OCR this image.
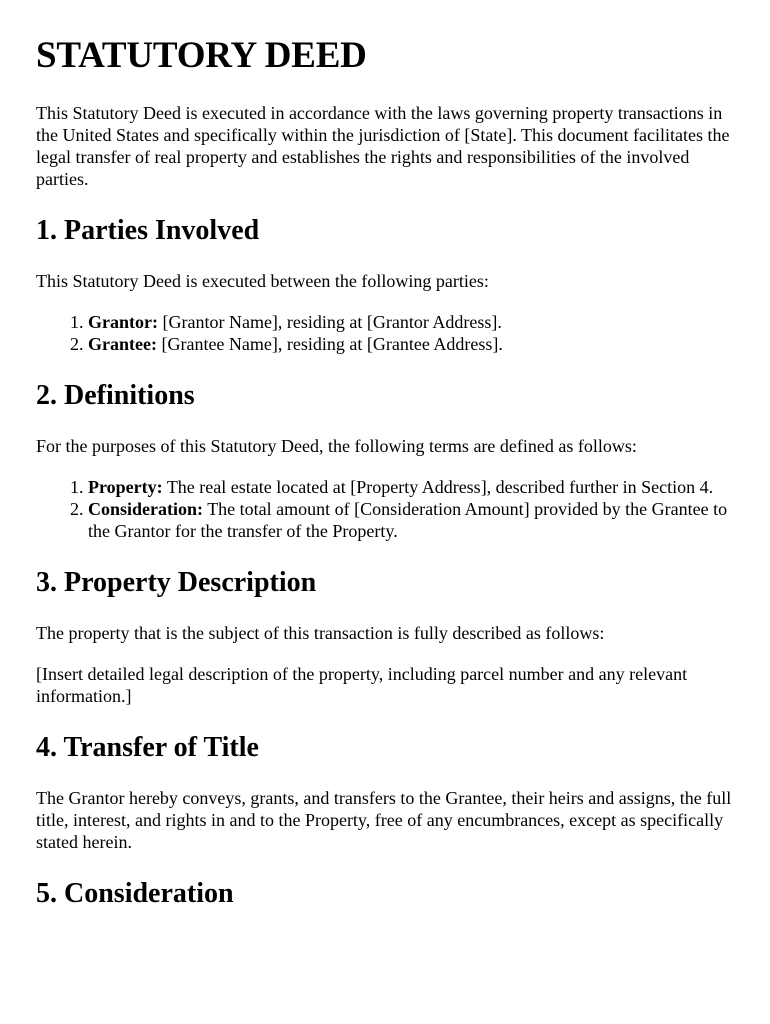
STATUTORY DEED

This Statutory Deed is executed in accordance with the laws governing property transactions in the United States and specifically within the jurisdiction of [State]. This document facilitates the legal transfer of real property and establishes the rights and responsibilities of the involved parties.

1. Parties Involved

This Statutory Deed is executed between the following parties:

1. Grantor: [Grantor Name], residing at [Grantor Address].
2. Grantee: [Grantee Name], residing at [Grantee Address].
2. Definitions

For the purposes of this Statutory Deed, the following terms are defined as follows:

1. Property: The real estate located at [Property Address], described further in Section 4.
2. Consideration: The total amount of [Consideration Amount] provided by the Grantee to the Grantor for the transfer of the Property.
3. Property Description

The property that is the subject of this transaction is fully described as follows:

[Insert detailed legal description of the property, including parcel number and any relevant information.]

4. Transfer of Title

The Grantor hereby conveys, grants, and transfers to the Grantee, their heirs and assigns, the full title, interest, and rights in and to the Property, free of any encumbrances, except as specifically stated herein.

5. Consideration
